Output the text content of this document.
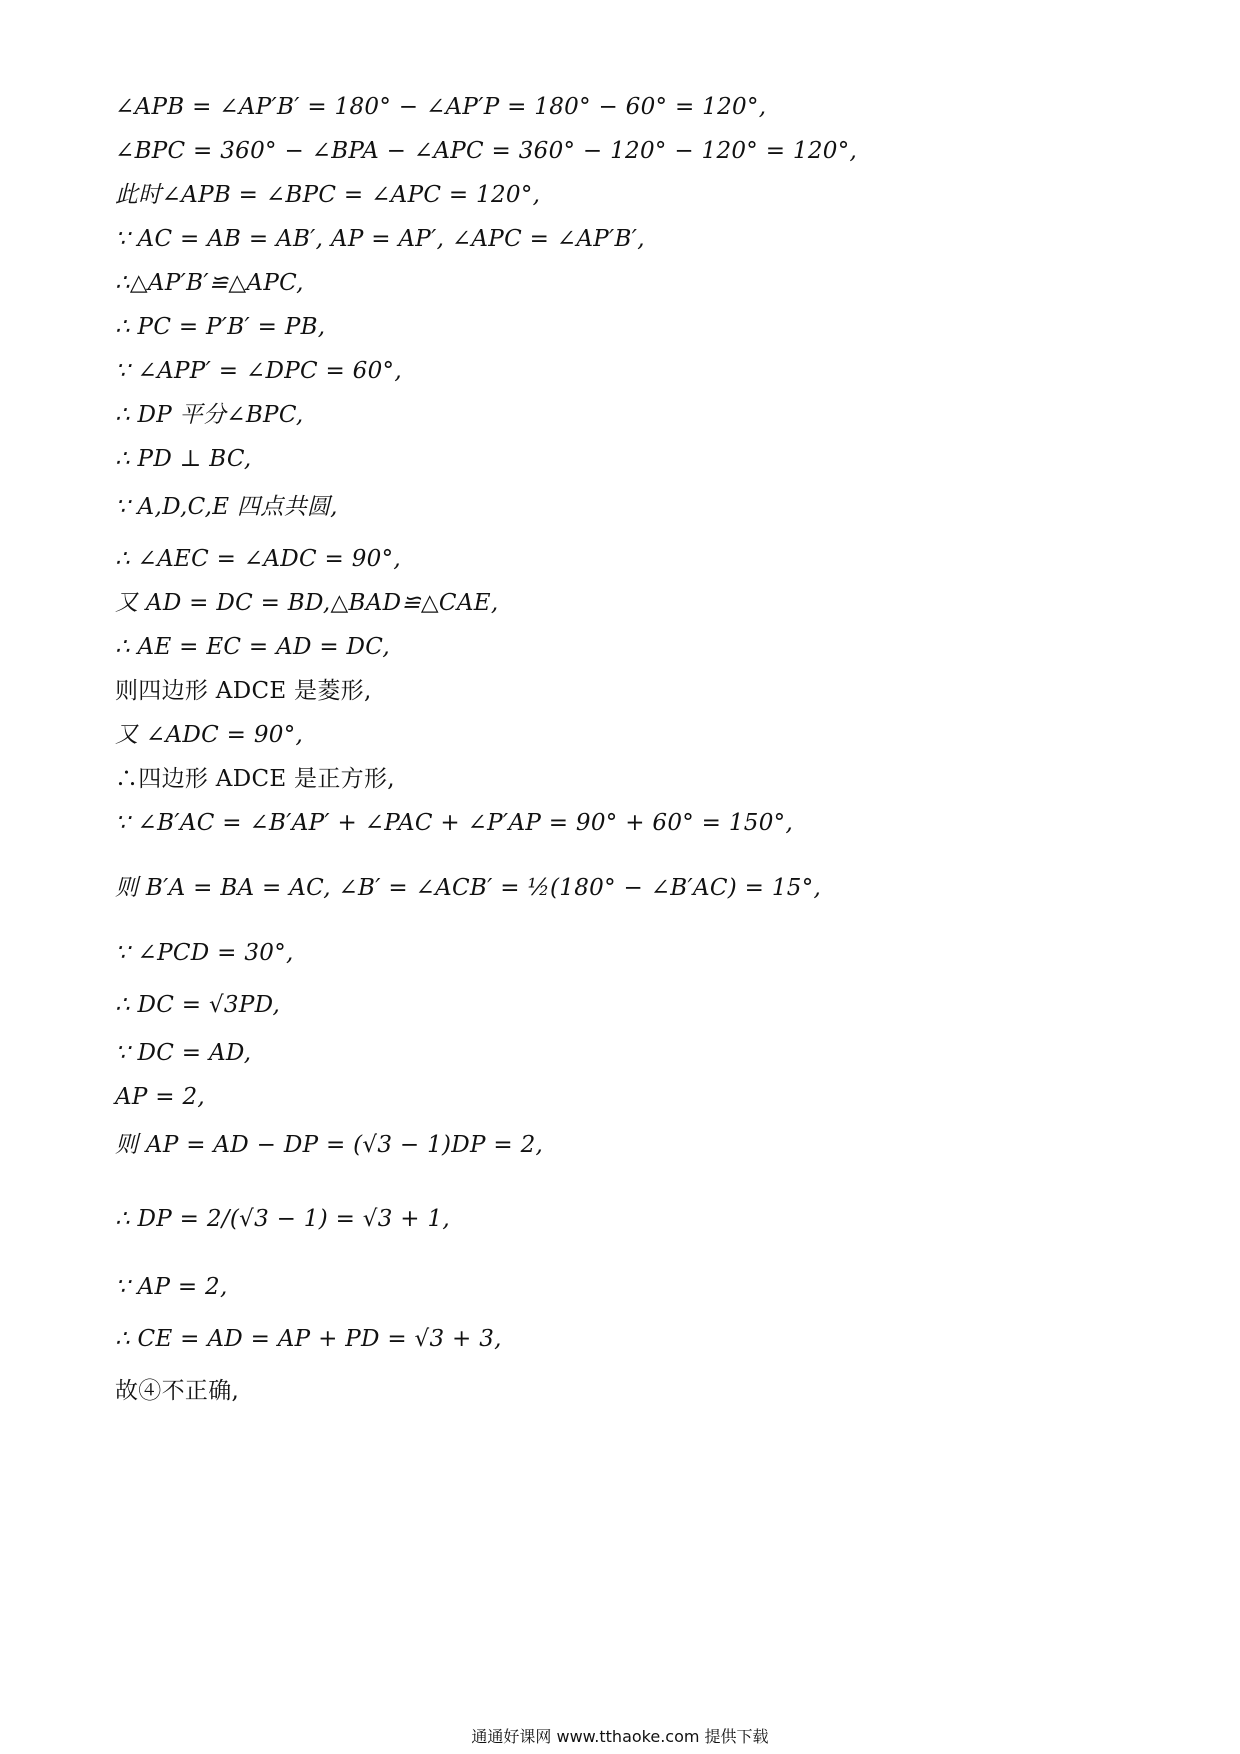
∠APB = ∠AP′B′ = 180° − ∠AP′P = 180° − 60° = 120°,
∠BPC = 360° − ∠BPA − ∠APC = 360° − 120° − 120° = 120°,
此时∠APB = ∠BPC = ∠APC = 120°,
∵ AC = AB = AB′, AP = AP′, ∠APC = ∠AP′B′,
∴△AP′B′≌△APC,
∴ PC = P′B′ = PB,
∵ ∠APP′ = ∠DPC = 60°,
∴ DP 平分∠BPC,
∴ PD ⊥ BC,
∵ A,D,C,E 四点共圆,
∴ ∠AEC = ∠ADC = 90°,
又 AD = DC = BD,△BAD≌△CAE,
∴ AE = EC = AD = DC,
则四边形 ADCE 是菱形,
又 ∠ADC = 90°,
∴四边形 ADCE 是正方形,
∵ ∠B′AC = ∠B′AP′ + ∠PAC + ∠P′AP = 90° + 60° = 150°,
则 B′A = BA = AC, ∠B′ = ∠ACB′ = ½(180° − ∠B′AC) = 15°,
∵ ∠PCD = 30°,
∴ DC = √3PD,
∵ DC = AD,
AP = 2,
则 AP = AD − DP = (√3 − 1)DP = 2,
∴ DP = 2/(√3 − 1) = √3 + 1,
∵ AP = 2,
∴ CE = AD = AP + PD = √3 + 3,
故④不正确,
通通好课网 www.tthaoke.com 提供下载
